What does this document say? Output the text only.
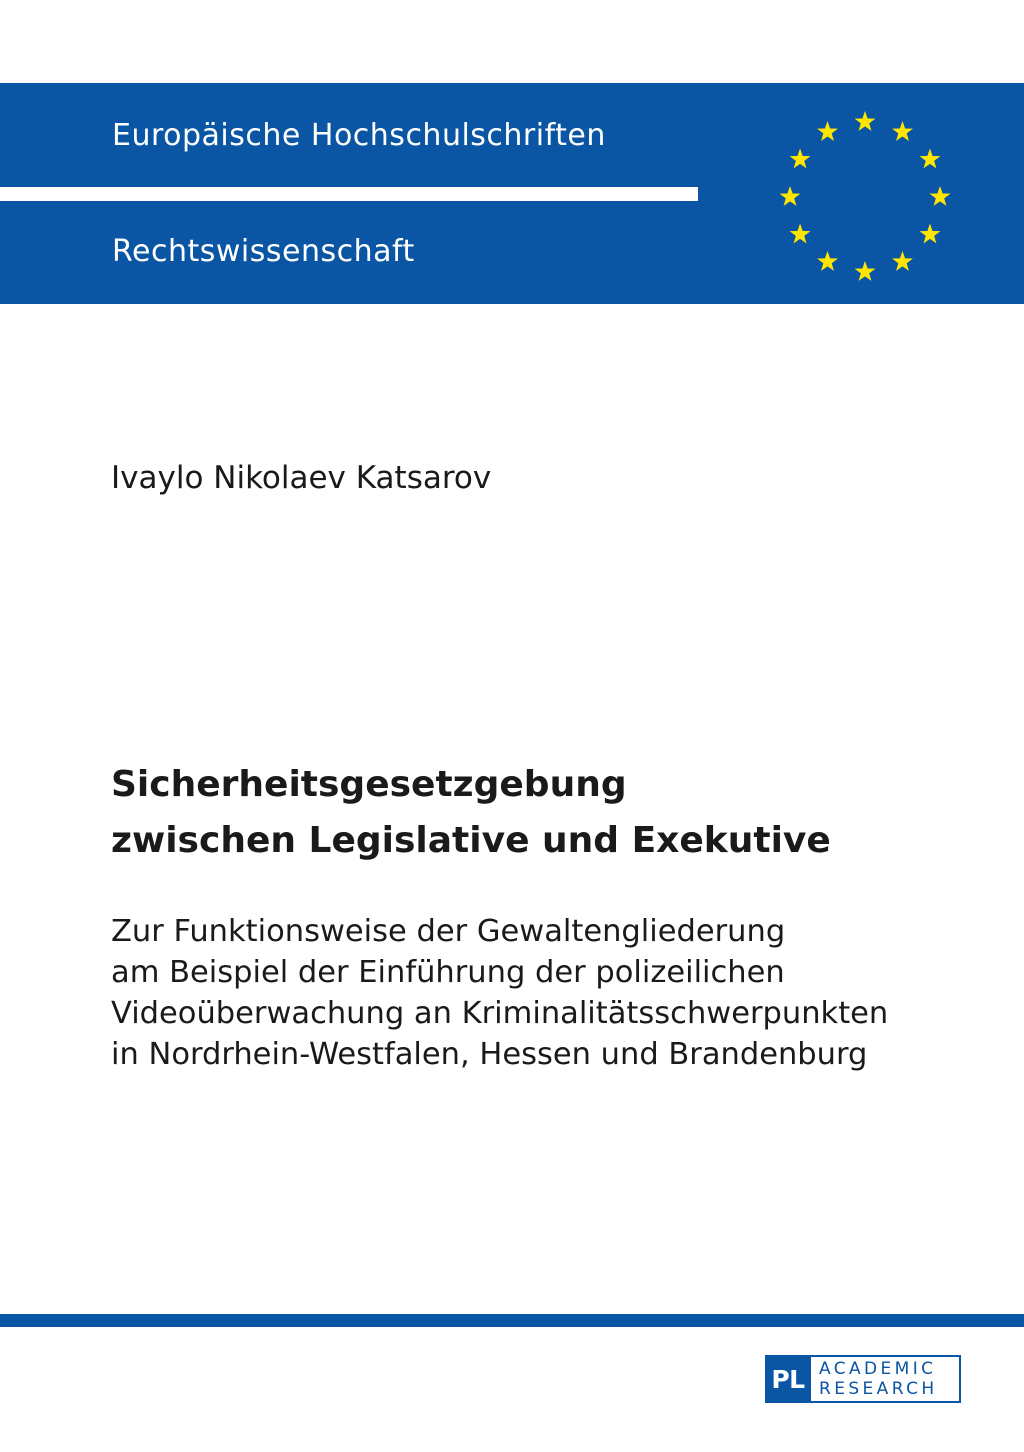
Europäische Hochschulschriften
Rechtswissenschaft
Ivaylo Nikolaev Katsarov
Sicherheitsgesetzgebung
zwischen Legislative und Exekutive
Zur Funktionsweise der Gewaltengliederung
am Beispiel der Einführung der polizeilichen
Videoüberwachung an Kriminalitätsschwerpunkten
in Nordrhein-Westfalen, Hessen und Brandenburg
PL ACADEMIC
RESEARCH
